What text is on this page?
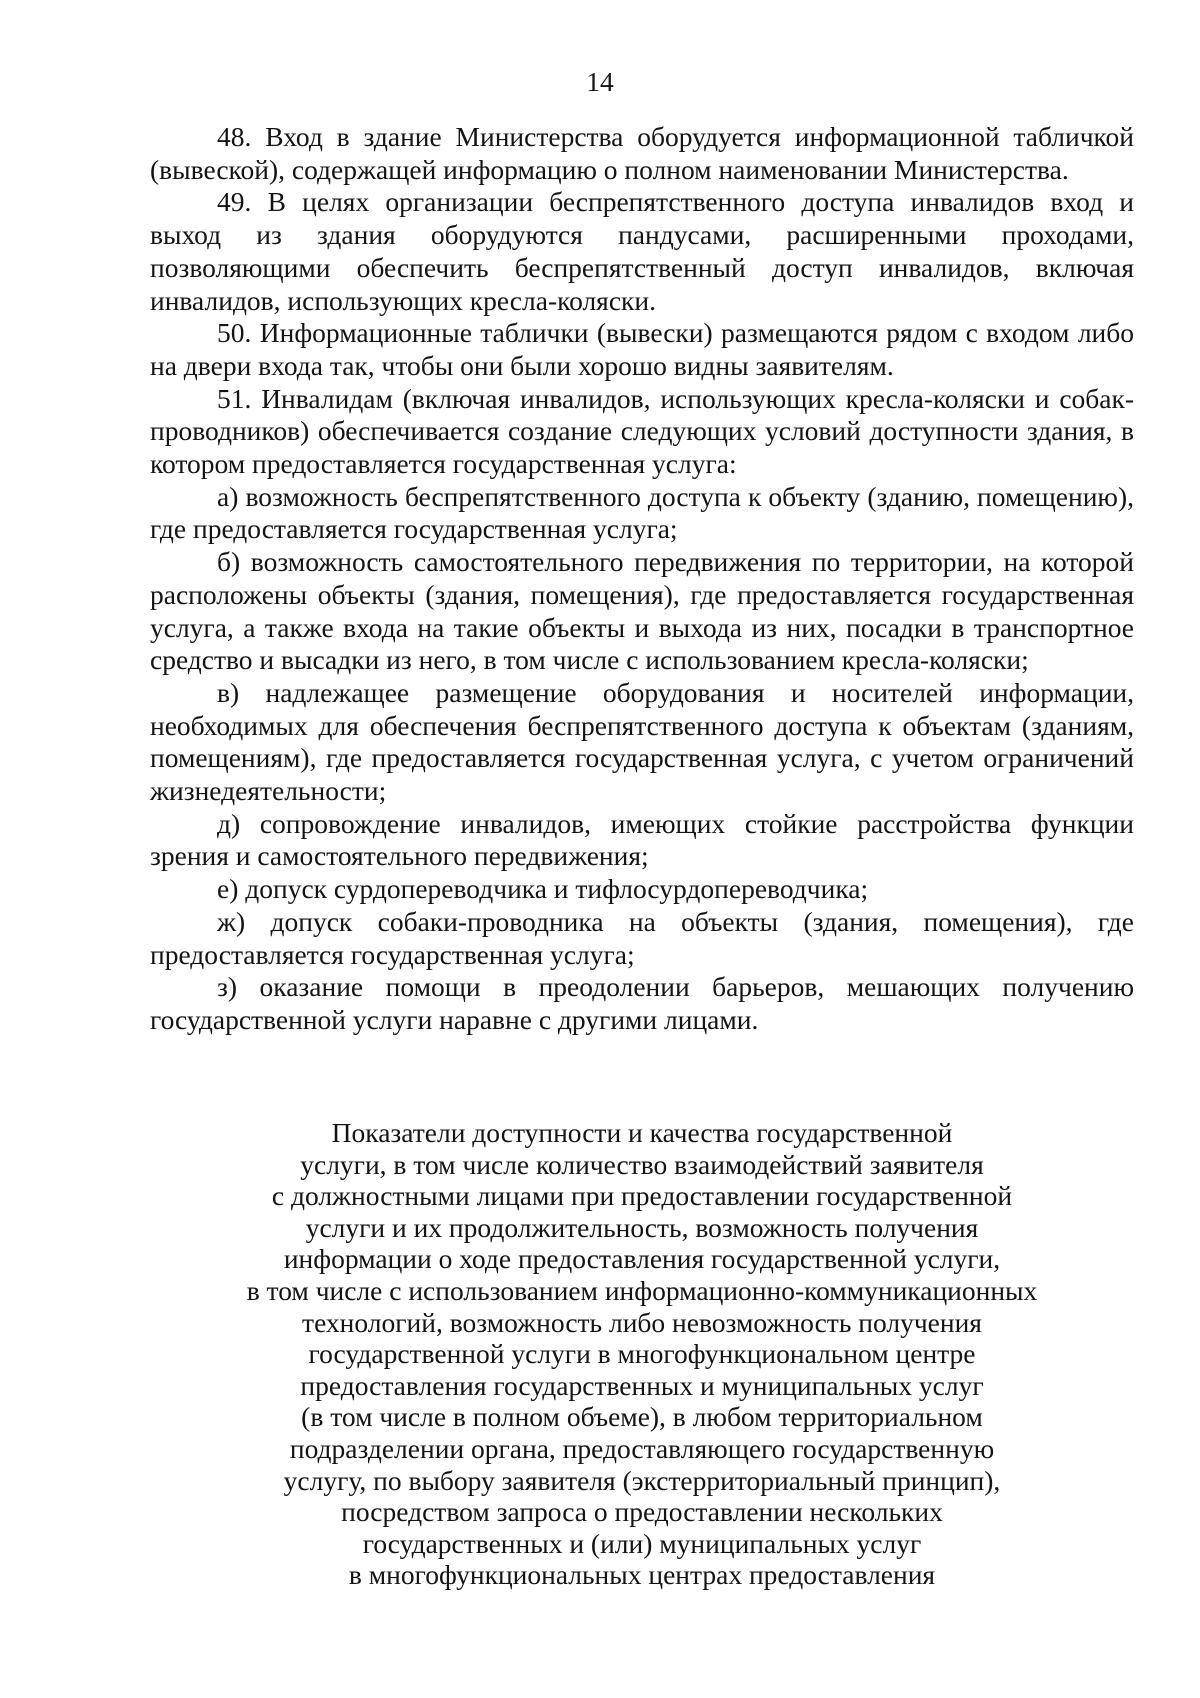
14

48. Вход в здание Министерства оборудуется информационной табличкой (вывеской), содержащей информацию о полном наименовании Министерства.

49. В целях организации беспрепятственного доступа инвалидов вход и выход из здания оборудуются пандусами, расширенными проходами, позволяющими обеспечить беспрепятственный доступ инвалидов, включая инвалидов, использующих кресла-коляски.

50. Информационные таблички (вывески) размещаются рядом с входом либо на двери входа так, чтобы они были хорошо видны заявителям.

51. Инвалидам (включая инвалидов, использующих кресла-коляски и собак-проводников) обеспечивается создание следующих условий доступности здания, в котором предоставляется государственная услуга:

а) возможность беспрепятственного доступа к объекту (зданию, помещению), где предоставляется государственная услуга;

б) возможность самостоятельного передвижения по территории, на которой расположены объекты (здания, помещения), где предоставляется государственная услуга, а также входа на такие объекты и выхода из них, посадки в транспортное средство и высадки из него, в том числе с использованием кресла-коляски;

в) надлежащее размещение оборудования и носителей информации, необходимых для обеспечения беспрепятственного доступа к объектам (зданиям, помещениям), где предоставляется государственная услуга, с учетом ограничений жизнедеятельности;

д) сопровождение инвалидов, имеющих стойкие расстройства функции зрения и самостоятельного передвижения;

е) допуск сурдопереводчика и тифлосурдопереводчика;

ж) допуск собаки-проводника на объекты (здания, помещения), где предоставляется государственная услуга;

з) оказание помощи в преодолении барьеров, мешающих получению государственной услуги наравне с другими лицами.

Показатели доступности и качества государственной
услуги, в том числе количество взаимодействий заявителя
с должностными лицами при предоставлении государственной
услуги и их продолжительность, возможность получения
информации о ходе предоставления государственной услуги,
в том числе с использованием информационно-коммуникационных
технологий, возможность либо невозможность получения
государственной услуги в многофункциональном центре
предоставления государственных и муниципальных услуг
(в том числе в полном объеме), в любом территориальном
подразделении органа, предоставляющего государственную
услугу, по выбору заявителя (экстерриториальный принцип),
посредством запроса о предоставлении нескольких
государственных и (или) муниципальных услуг
в многофункциональных центрах предоставления
